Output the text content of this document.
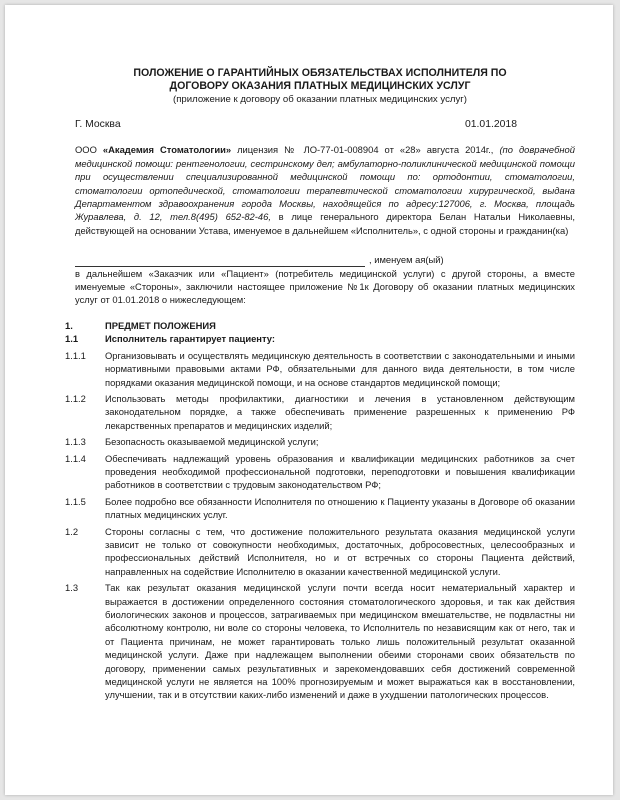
ПОЛОЖЕНИЕ О ГАРАНТИЙНЫХ ОБЯЗАТЕЛЬСТВАХ ИСПОЛНИТЕЛЯ ПО
ДОГОВОРУ ОКАЗАНИЯ ПЛАТНЫХ МЕДИЦИНСКИХ УСЛУГ
(приложение к договору об оказании платных медицинских услуг)
Г. Москва	01.01.2018
ООО «Академия Стоматологии» лицензия № ЛО-77-01-008904 от «28» августа 2014г., (по доврачебной медицинской помощи: рентгенологии, сестринскому дел; амбулаторно-поликлинической медицинской помощи при осуществлении специализированной медицинской помощи по: ортодонтии, стоматологии, стоматологии ортопедической, стоматологии терапевтической стоматологии хирургической, выдана Департаментом здравоохранения города Москвы, находящейся по адресу:127006, г. Москва, площадь Журавлева, д. 12, тел.8(495) 652-82-46, в лице генерального директора Белан Натальи Николаевны, действующей на основании Устава, именуемое в дальнейшем «Исполнитель», с одной стороны и гражданин(ка)
, именуем ая(ый)
в дальнейшем «Заказчик или «Пациент» (потребитель медицинской услуги) с другой стороны, а вместе именуемые «Стороны», заключили настоящее приложение №1к Договору об оказании платных медицинских услуг от 01.01.2018 о нижеследующем:
1.	ПРЕДМЕТ ПОЛОЖЕНИЯ
1.1	Исполнитель гарантирует пациенту:
1.1.1	Организовывать и осуществлять медицинскую деятельность в соответствии с законодательными и иными нормативными правовыми актами РФ, обязательными для данного вида деятельности, в том числе порядками оказания медицинской помощи, и на основе стандартов медицинской помощи;
1.1.2	Использовать методы профилактики, диагностики и лечения в установленном действующим законодательном порядке, а также обеспечивать применение разрешенных к применению РФ лекарственных препаратов и медицинских изделий;
1.1.3	Безопасность оказываемой медицинской услуги;
1.1.4	Обеспечивать надлежащий уровень образования и квалификации медицинских работников за счет проведения необходимой профессиональной подготовки, переподготовки и повышения квалификации работников в соответствии с трудовым законодательством РФ;
1.1.5	Более подробно все обязанности Исполнителя по отношению к Пациенту указаны в Договоре об оказании платных медицинских услуг.
1.2	Стороны согласны с тем, что достижение положительного результата оказания медицинской услуги зависит не только от совокупности необходимых, достаточных, добросовестных, целесообразных и профессиональных действий Исполнителя, но и от встречных со стороны Пациента действий, направленных на содействие Исполнителю в оказании качественной медицинской услуги.
1.3	Так как результат оказания медицинской услуги почти всегда носит нематериальный характер и выражается в достижении определенного состояния стоматологического здоровья, и так как действия биологических законов и процессов, затрагиваемых при медицинском вмешательстве, не подвластны ни абсолютному контролю, ни воле со стороны человека, то Исполнитель по независящим как от него, так и от Пациента причинам, не может гарантировать только лишь положительный результат оказанной медицинской услуги. Даже при надлежащем выполнении обеими сторонами своих обязательств по договору, применении самых результативных и зарекомендовавших себя достижений современной медицинской услуги не является на 100% прогнозируемым и может выражаться как в восстановлении, улучшении, так и в отсутствии каких-либо изменений и даже в ухудшении патологических процессов.
